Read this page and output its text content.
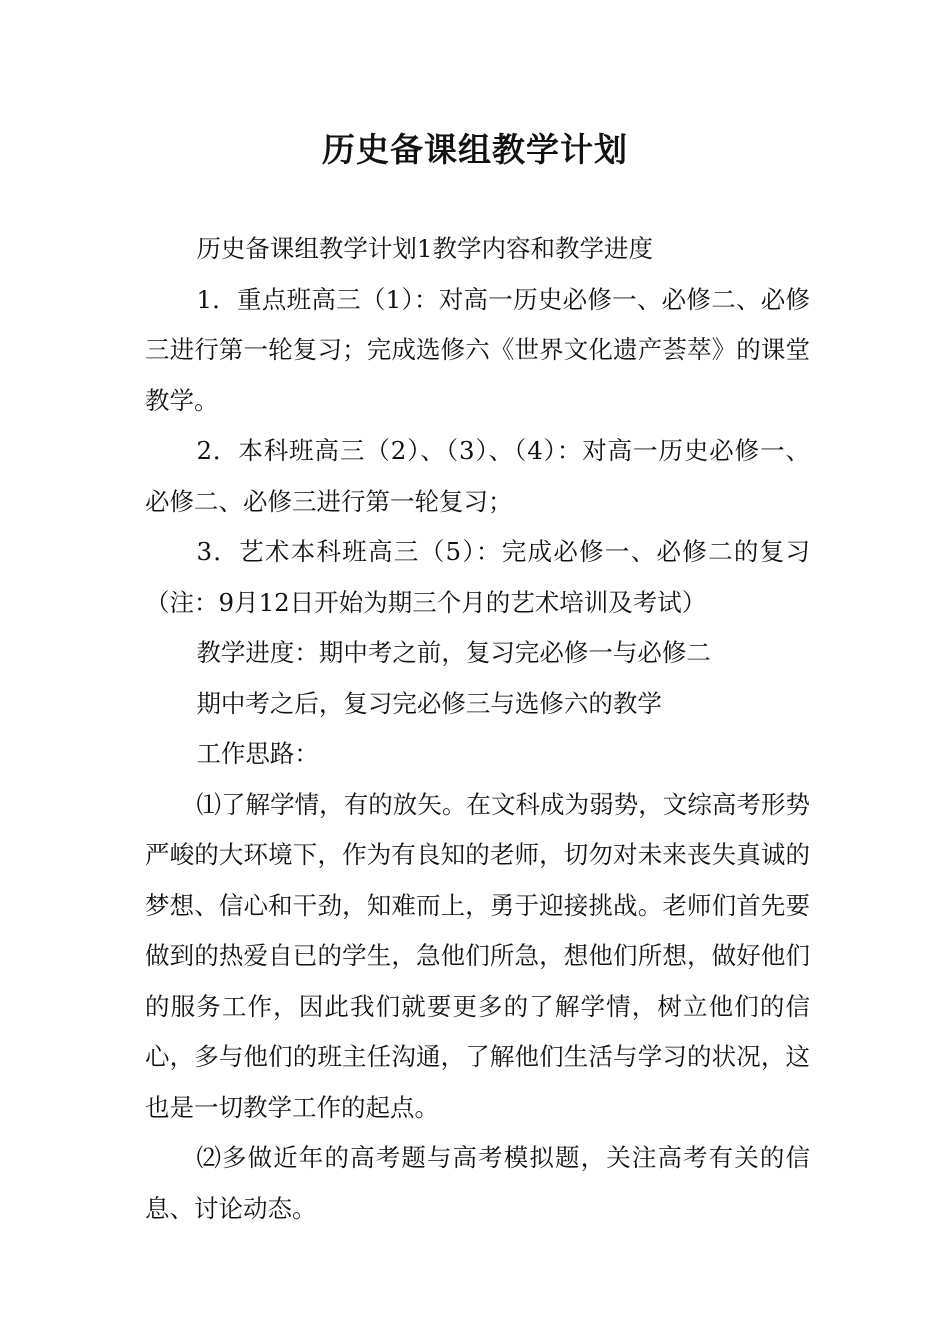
历史备课组教学计划

历史备课组教学计划1教学内容和教学进度

1．重点班高三（1）：对高一历史必修一、必修二、必修三进行第一轮复习；完成选修六《世界文化遗产荟萃》的课堂教学。

2．本科班高三（2）、（3）、（4）：对高一历史必修一、必修二、必修三进行第一轮复习；

3．艺术本科班高三（5）：完成必修一、必修二的复习（注：9月12日开始为期三个月的艺术培训及考试）

教学进度：期中考之前，复习完必修一与必修二

期中考之后，复习完必修三与选修六的教学

工作思路：

⑴了解学情，有的放矢。在文科成为弱势，文综高考形势严峻的大环境下，作为有良知的老师，切勿对未来丧失真诚的梦想、信心和干劲，知难而上，勇于迎接挑战。老师们首先要做到的热爱自已的学生，急他们所急，想他们所想，做好他们的服务工作，因此我们就要更多的了解学情，树立他们的信心，多与他们的班主任沟通，了解他们生活与学习的状况，这也是一切教学工作的起点。

⑵多做近年的高考题与高考模拟题，关注高考有关的信息、讨论动态。
